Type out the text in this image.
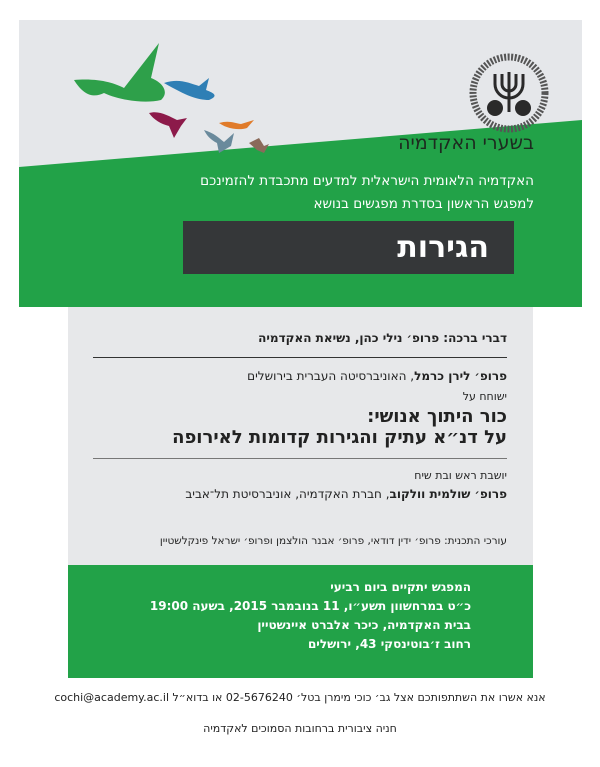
בשערי האקדמיה
האקדמיה הלאומית הישראלית למדעים מתכבדת להזמינכם
למפגש הראשון בסדרת מפגשים בנושא
הגירות
דברי ברכה: פרופ׳ נילי כהן, נשיאת האקדמיה
פרופ׳ לירן כרמל, האוניברסיטה העברית בירושלים
ישוחח על
כור היתוך אנושי:
על דנ״א עתיק והגירות קדומות לאירופה
יושבת ראש ובת שיח
פרופ׳ שולמית וולקוב, חברת האקדמיה, אוניברסיטת תל־אביב
עורכי התכנית: פרופ׳ ידין דודאי, פרופ׳ אבנר הולצמן ופרופ׳ ישראל פינקלשטיין
המפגש יתקיים ביום רביעי
כ״ט במרחשוון תשע״ו, 11 בנובמבר 2015, בשעה 19:00
בבית האקדמיה, כיכר אלברט איינשטיין
רחוב ז׳בוטינסקי 43, ירושלים
אנא אשרו את השתתפותכם אצל גב׳ כוכי מימרן בטל׳ 02-5676240 או בדוא״ל cochi@academy.ac.il
חניה ציבורית ברחובות הסמוכים לאקדמיה
